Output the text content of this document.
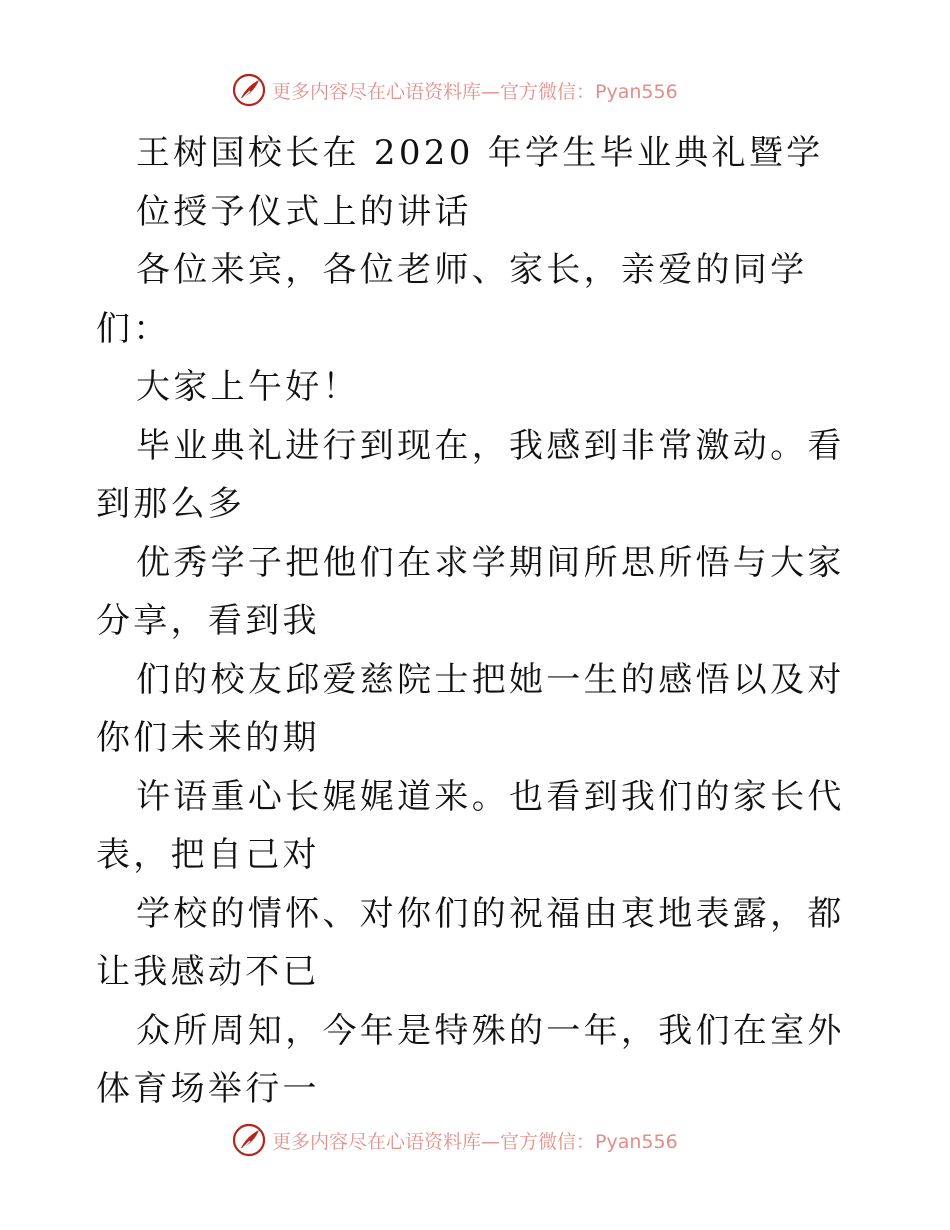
更多内容尽在心语资料库—官方微信：Pyan556

王树国校长在 2020 年学生毕业典礼暨学

位授予仪式上的讲话

各位来宾，各位老师、家长，亲爱的同学们：

大家上午好！

毕业典礼进行到现在，我感到非常激动。看到那么多

优秀学子把他们在求学期间所思所悟与大家分享，看到我

们的校友邱爱慈院士把她一生的感悟以及对你们未来的期

许语重心长娓娓道来。也看到我们的家长代表，把自己对

学校的情怀、对你们的祝福由衷地表露，都让我感动不已

众所周知，今年是特殊的一年，我们在室外体育场举行一

更多内容尽在心语资料库—官方微信：Pyan556
